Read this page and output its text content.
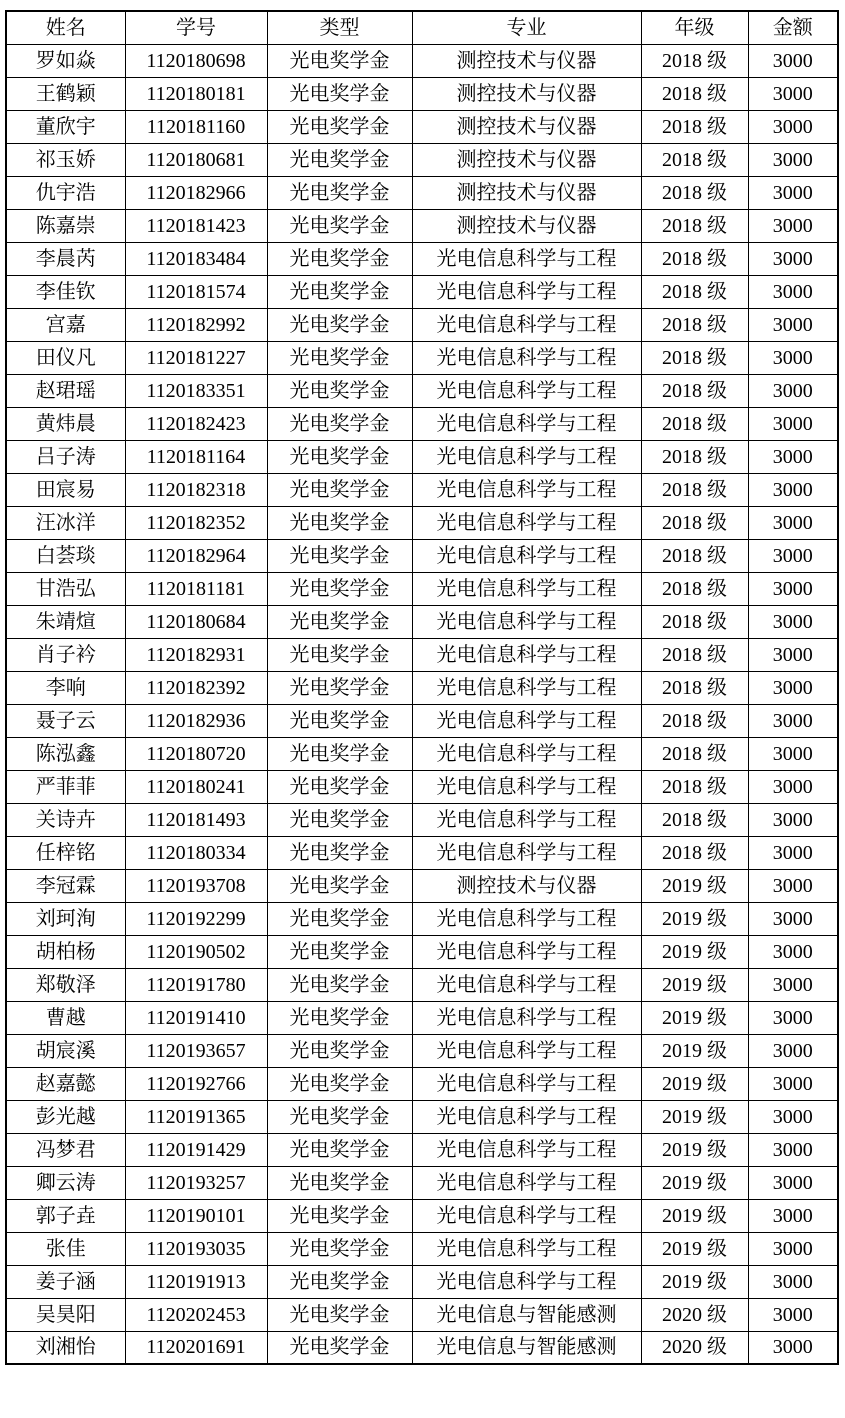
姓名	学号	类型	专业	年级	金额
罗如焱	1120180698	光电奖学金	测控技术与仪器	2018 级	3000
王鹤颖	1120180181	光电奖学金	测控技术与仪器	2018 级	3000
董欣宇	1120181160	光电奖学金	测控技术与仪器	2018 级	3000
祁玉娇	1120180681	光电奖学金	测控技术与仪器	2018 级	3000
仇宇浩	1120182966	光电奖学金	测控技术与仪器	2018 级	3000
陈嘉崇	1120181423	光电奖学金	测控技术与仪器	2018 级	3000
李晨芮	1120183484	光电奖学金	光电信息科学与工程	2018 级	3000
李佳钦	1120181574	光电奖学金	光电信息科学与工程	2018 级	3000
宫嘉	1120182992	光电奖学金	光电信息科学与工程	2018 级	3000
田仪凡	1120181227	光电奖学金	光电信息科学与工程	2018 级	3000
赵珺瑶	1120183351	光电奖学金	光电信息科学与工程	2018 级	3000
黄炜晨	1120182423	光电奖学金	光电信息科学与工程	2018 级	3000
吕子涛	1120181164	光电奖学金	光电信息科学与工程	2018 级	3000
田宸易	1120182318	光电奖学金	光电信息科学与工程	2018 级	3000
汪冰洋	1120182352	光电奖学金	光电信息科学与工程	2018 级	3000
白荟琰	1120182964	光电奖学金	光电信息科学与工程	2018 级	3000
甘浩弘	1120181181	光电奖学金	光电信息科学与工程	2018 级	3000
朱靖煊	1120180684	光电奖学金	光电信息科学与工程	2018 级	3000
肖子衿	1120182931	光电奖学金	光电信息科学与工程	2018 级	3000
李响	1120182392	光电奖学金	光电信息科学与工程	2018 级	3000
聂子云	1120182936	光电奖学金	光电信息科学与工程	2018 级	3000
陈泓鑫	1120180720	光电奖学金	光电信息科学与工程	2018 级	3000
严菲菲	1120180241	光电奖学金	光电信息科学与工程	2018 级	3000
关诗卉	1120181493	光电奖学金	光电信息科学与工程	2018 级	3000
任梓铭	1120180334	光电奖学金	光电信息科学与工程	2018 级	3000
李冠霖	1120193708	光电奖学金	测控技术与仪器	2019 级	3000
刘珂洵	1120192299	光电奖学金	光电信息科学与工程	2019 级	3000
胡柏杨	1120190502	光电奖学金	光电信息科学与工程	2019 级	3000
郑敬泽	1120191780	光电奖学金	光电信息科学与工程	2019 级	3000
曹越	1120191410	光电奖学金	光电信息科学与工程	2019 级	3000
胡宸溪	1120193657	光电奖学金	光电信息科学与工程	2019 级	3000
赵嘉懿	1120192766	光电奖学金	光电信息科学与工程	2019 级	3000
彭光越	1120191365	光电奖学金	光电信息科学与工程	2019 级	3000
冯梦君	1120191429	光电奖学金	光电信息科学与工程	2019 级	3000
卿云涛	1120193257	光电奖学金	光电信息科学与工程	2019 级	3000
郭子垚	1120190101	光电奖学金	光电信息科学与工程	2019 级	3000
张佳	1120193035	光电奖学金	光电信息科学与工程	2019 级	3000
姜子涵	1120191913	光电奖学金	光电信息科学与工程	2019 级	3000
吴昊阳	1120202453	光电奖学金	光电信息与智能感测	2020 级	3000
刘湘怡	1120201691	光电奖学金	光电信息与智能感测	2020 级	3000
